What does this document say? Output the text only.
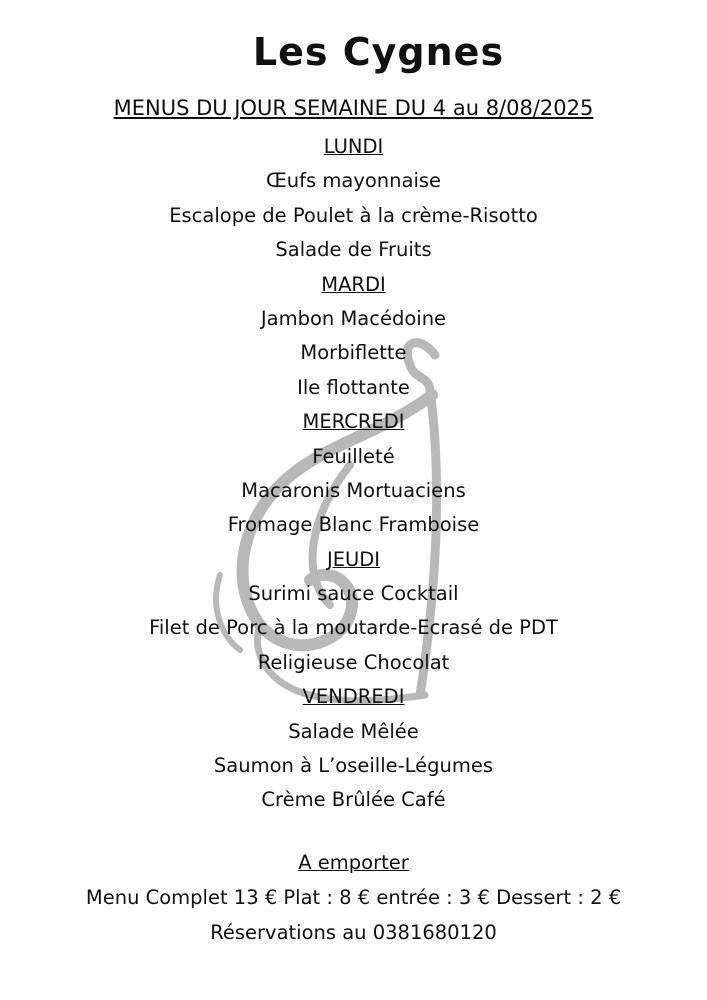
Les Cygnes
MENUS DU JOUR SEMAINE DU 4 au 8/08/2025
LUNDI
Œufs mayonnaise
Escalope de Poulet à la crème-Risotto
Salade de Fruits
MARDI
Jambon Macédoine
Morbiflette
Ile flottante
MERCREDI
Feuilleté
Macaronis Mortuaciens
Fromage Blanc Framboise
JEUDI
Surimi sauce Cocktail
Filet de Porc à la moutarde-Ecrasé de PDT
Religieuse Chocolat
VENDREDI
Salade Mêlée
Saumon à L’oseille-Légumes
Crème Brûlée Café
A emporter
Menu Complet 13 € Plat : 8 € entrée : 3 € Dessert : 2 €
Réservations au 0381680120
